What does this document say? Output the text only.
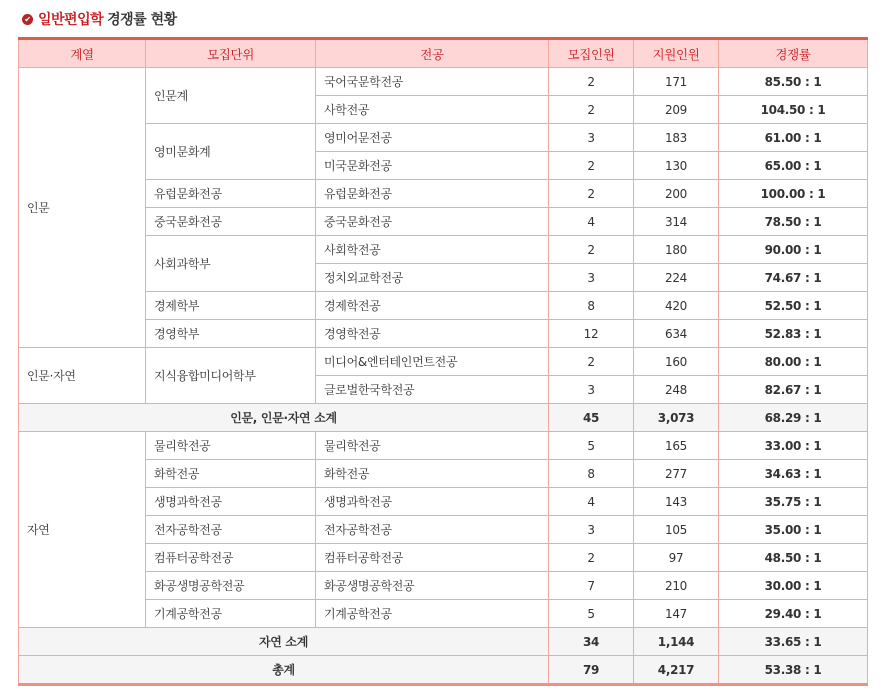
✔ 일반편입학 경쟁률 현황
계열	모집단위	전공	모집인원	지원인원	경쟁률
인문	인문계	국어국문학전공	2	171	85.50 : 1
		사학전공	2	209	104.50 : 1
	영미문화계	영미어문전공	3	183	61.00 : 1
		미국문화전공	2	130	65.00 : 1
	유럽문화전공	유럽문화전공	2	200	100.00 : 1
	중국문화전공	중국문화전공	4	314	78.50 : 1
	사회과학부	사회학전공	2	180	90.00 : 1
		정치외교학전공	3	224	74.67 : 1
	경제학부	경제학전공	8	420	52.50 : 1
	경영학부	경영학전공	12	634	52.83 : 1
인문·자연	지식융합미디어학부	미디어&엔터테인먼트전공	2	160	80.00 : 1
		글로벌한국학전공	3	248	82.67 : 1
인문, 인문·자연 소계			45	3,073	68.29 : 1
자연	물리학전공	물리학전공	5	165	33.00 : 1
	화학전공	화학전공	8	277	34.63 : 1
	생명과학전공	생명과학전공	4	143	35.75 : 1
	전자공학전공	전자공학전공	3	105	35.00 : 1
	컴퓨터공학전공	컴퓨터공학전공	2	97	48.50 : 1
	화공생명공학전공	화공생명공학전공	7	210	30.00 : 1
	기계공학전공	기계공학전공	5	147	29.40 : 1
자연 소계			34	1,144	33.65 : 1
총계			79	4,217	53.38 : 1
